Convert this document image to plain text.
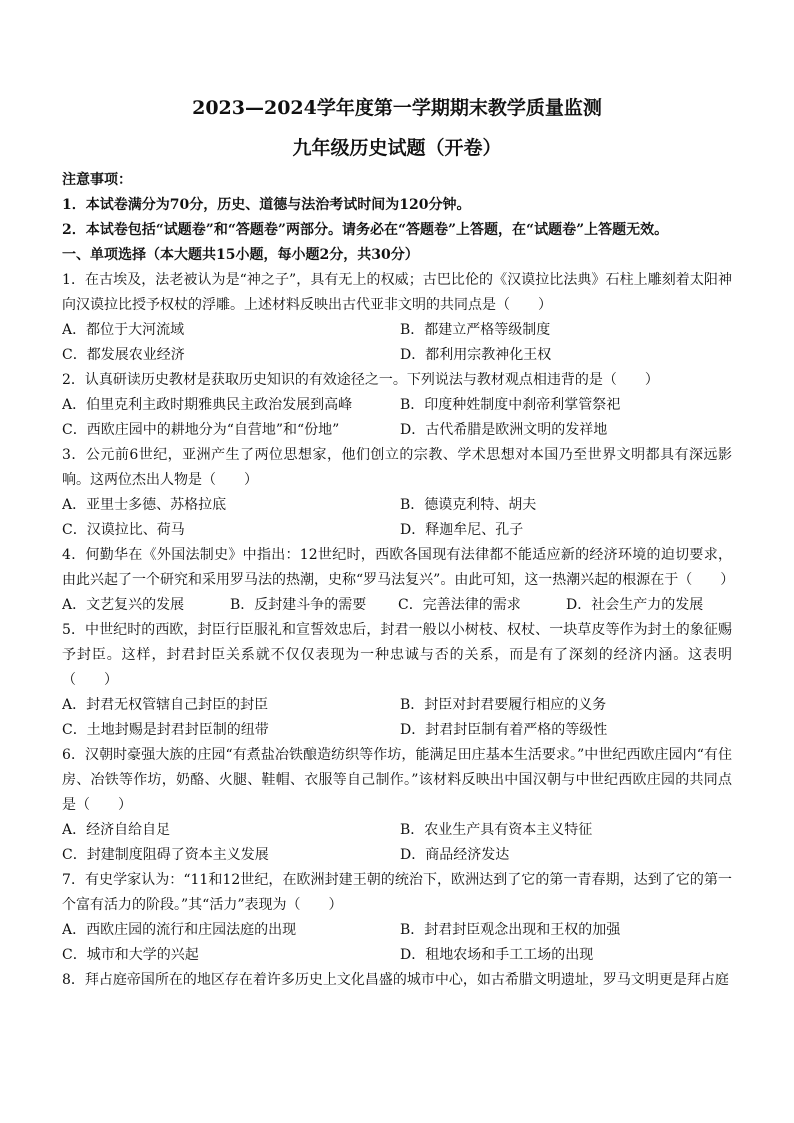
2023—2024学年度第一学期期末教学质量监测
九年级历史试题（开卷）

注意事项：

1．本试卷满分为70分，历史、道德与法治考试时间为120分钟。

2．本试卷包括“试题卷”和“答题卷”两部分。请务必在“答题卷”上答题，在“试题卷”上答题无效。

一、单项选择（本大题共15小题，每小题2分，共30分）

1．在古埃及，法老被认为是“神之子”，具有无上的权威；古巴比伦的《汉谟拉比法典》石柱上雕刻着太阳神向汉谟拉比授予权杖的浮雕。上述材料反映出古代亚非文明的共同点是（　　）

A．都位于大河流域	B．都建立严格等级制度
C．都发展农业经济	D．都利用宗教神化王权

2．认真研读历史教材是获取历史知识的有效途径之一。下列说法与教材观点相违背的是（　　）

A．伯里克利主政时期雅典民主政治发展到高峰	B．印度种姓制度中刹帝利掌管祭祀
C．西欧庄园中的耕地分为“自营地”和“份地”	D．古代希腊是欧洲文明的发祥地

3．公元前6世纪，亚洲产生了两位思想家，他们创立的宗教、学术思想对本国乃至世界文明都具有深远影响。这两位杰出人物是（　　）

A．亚里士多德、苏格拉底	B．德谟克利特、胡夫
C．汉谟拉比、荷马	D．释迦牟尼、孔子

4．何勤华在《外国法制史》中指出：12世纪时，西欧各国现有法律都不能适应新的经济环境的迫切要求，由此兴起了一个研究和采用罗马法的热潮，史称“罗马法复兴”。由此可知，这一热潮兴起的根源在于（　　）

A．文艺复兴的发展	B．反封建斗争的需要	C．完善法律的需求	D．社会生产力的发展

5．中世纪时的西欧，封臣行臣服礼和宣誓效忠后，封君一般以小树枝、权杖、一块草皮等作为封土的象征赐予封臣。这样，封君封臣关系就不仅仅表现为一种忠诚与否的关系，而是有了深刻的经济内涵。这表明（　　）

A．封君无权管辖自己封臣的封臣	B．封臣对封君要履行相应的义务
C．土地封赐是封君封臣制的纽带	D．封君封臣制有着严格的等级性

6．汉朝时豪强大族的庄园“有煮盐冶铁酿造纺织等作坊，能满足田庄基本生活要求。”中世纪西欧庄园内“有住房、冶铁等作坊，奶酪、火腿、鞋帽、衣服等自己制作。”该材料反映出中国汉朝与中世纪西欧庄园的共同点是（　　）

A．经济自给自足	B．农业生产具有资本主义特征
C．封建制度阻碍了资本主义发展	D．商品经济发达

7．有史学家认为：“11和12世纪，在欧洲封建王朝的统治下，欧洲达到了它的第一青春期，达到了它的第一个富有活力的阶段。”其“活力”表现为（　　）

A．西欧庄园的流行和庄园法庭的出现	B．封君封臣观念出现和王权的加强
C．城市和大学的兴起	D．租地农场和手工工场的出现

8．拜占庭帝国所在的地区存在着许多历史上文化昌盛的城市中心，如古希腊文明遗址，罗马文明更是拜占庭
